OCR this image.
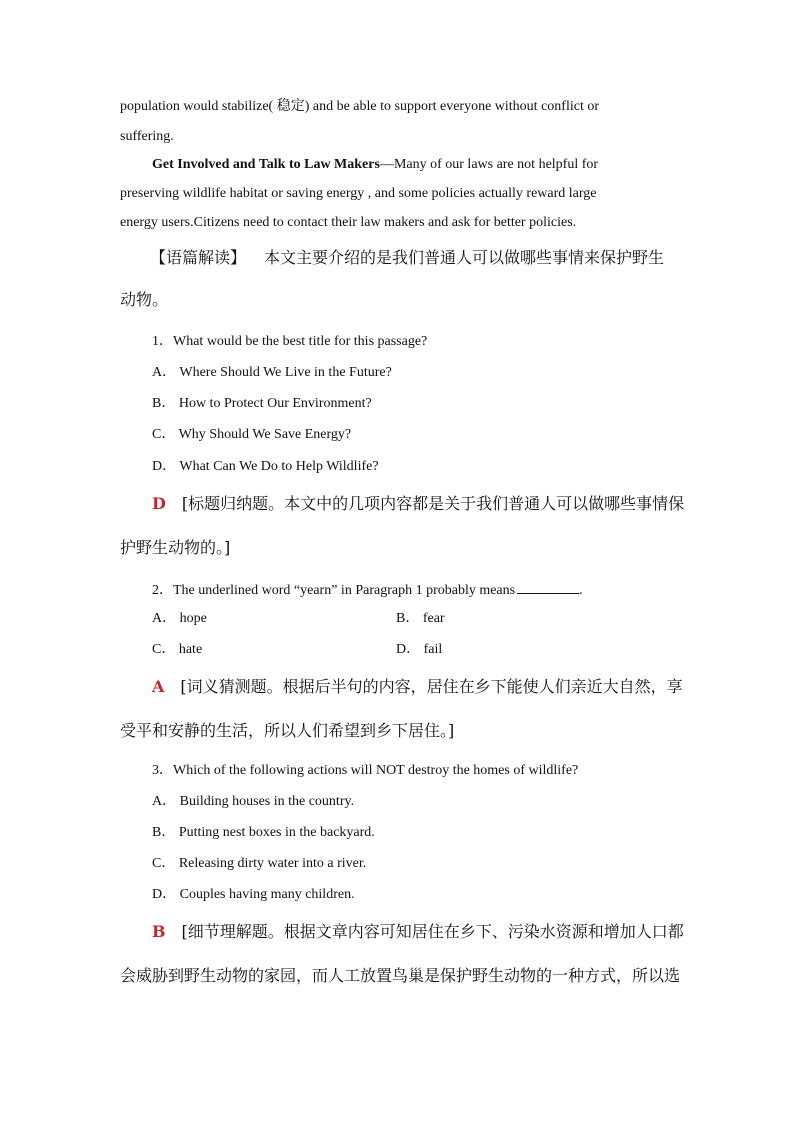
population would stabilize( 稳定) and be able to support everyone without conflict or
suffering.
Get Involved and Talk to Law Makers—Many of our laws are not helpful for
preserving wildlife habitat or saving energy , and some policies actually reward large
energy users.Citizens need to contact their law makers and ask for better policies.
【语篇解读】 本文主要介绍的是我们普通人可以做哪些事情来保护野生
动物。
1．What would be the best title for this passage?
A． Where Should We Live in the Future?
B． How to Protect Our Environment?
C． Why Should We Save Energy?
D． What Can We Do to Help Wildlife?
D [标题归纳题。本文中的几项内容都是关于我们普通人可以做哪些事情保
护野生动物的。]
2．The underlined word “yearn” in Paragraph 1 probably means	.
A． hope	B． fear
C． hate	D． fail
A [词义猜测题。根据后半句的内容，居住在乡下能使人们亲近大自然，享
受平和安静的生活，所以人们希望到乡下居住。]
3．Which of the following actions will NOT destroy the homes of wildlife?
A． Building houses in the country.
B． Putting nest boxes in the backyard.
C． Releasing dirty water into a river.
D． Couples having many children.
B [细节理解题。根据文章内容可知居住在乡下、污染水资源和增加人口都
会威胁到野生动物的家园，而人工放置鸟巢是保护野生动物的一种方式，所以选
